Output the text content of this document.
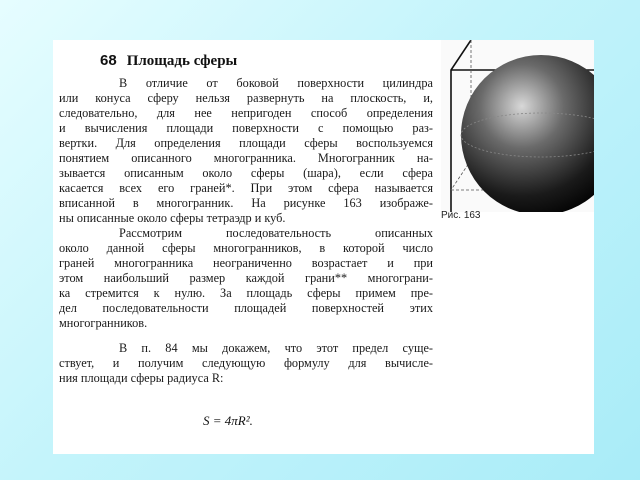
68 Площадь сферы
В отличие от боковой поверхности цилиндра
или конуса сферу нельзя развернуть на плоскость, и,
следовательно, для нее непригоден способ определения
и вычисления площади поверхности с помощью раз-
вертки. Для определения площади сферы воспользуемся
понятием описанного многогранника. Многогранник на-
зывается описанным около сферы (шара), если сфера
касается всех его граней*. При этом сфера называется
вписанной в многогранник. На рисунке 163 изображе-
ны описанные около сферы тетраэдр и куб.
Рассмотрим последовательность описанных
около данной сферы многогранников, в которой число
граней многогранника неограниченно возрастает и при
этом наибольший размер каждой грани** многограни-
ка стремится к нулю. За площадь сферы примем пре-
дел последовательности площадей поверхностей этих
многогранников.
В п. 84 мы докажем, что этот предел суще-
ствует, и получим следующую формулу для вычисле-
ния площади сферы радиуса R:
S = 4πR².
Рис. 163
